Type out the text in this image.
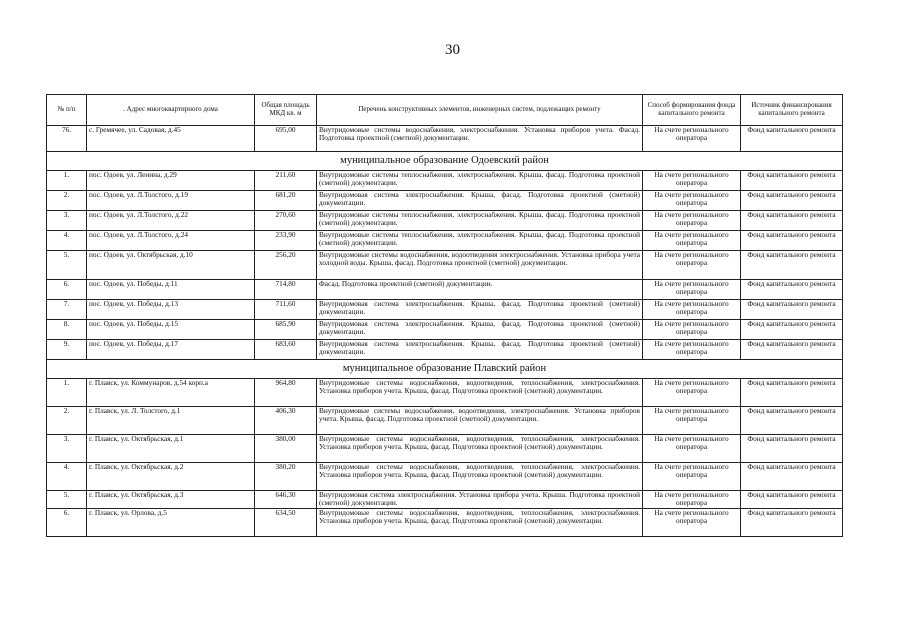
30
№ п/п	. Адрес многоквартирного дома	Общая площадь МКД кв. м	Перечень конструктивных элементов, инженерных систем, подлежащих ремонту	Способ формирования фонда капитального ремонта	Источник финансирования капитального ремонта
76.	с. Гремячее, ул. Садовая, д.45	695,00	Внутридомовые системы водоснабжения, электроснабжения. Установка приборов учета. Фасад. Подготовка проектной (сметной) документации.	На счете регионального оператора	Фонд капитального ремонта
муниципальное образование Одоевский район					
1.	пос. Одоев, ул. Ленина, д.29	211,60	Внутридомовые системы теплоснабжения, электроснабжения. Крыша, фасад. Подготовка проектной (сметной) документации.	На счете регионального оператора	Фонд капитального ремонта
2.	пос. Одоев, ул. Л.Толстого, д.19	681,20	Внутридомовая система электроснабжения. Крыша, фасад. Подготовка проектной (сметной) документации.	На счете регионального оператора	Фонд капитального ремонта
3.	пос. Одоев, ул. Л.Толстого, д.22	270,60	Внутридомовые системы теплоснабжения, электроснабжения. Крыша, фасад. Подготовка проектной (сметной) документации.	На счете регионального оператора	Фонд капитального ремонта
4.	пос. Одоев, ул. Л.Толстого, д.24	233,90	Внутридомовые системы теплоснабжения, электроснабжения. Крыша, фасад. Подготовка проектной (сметной) документации.	На счете регионального оператора	Фонд капитального ремонта
5.	пос. Одоев, ул. Октябрьская, д.10	256,20	Внутридомовые системы водоснабжения, водоотведения электроснабжения. Установка прибора учета холодной воды. Крыша, фасад. Подготовка проектной (сметной) документации.	На счете регионального оператора	Фонд капитального ремонта
6.	пос. Одоев, ул. Победы, д.11	714,80	Фасад. Подготовка проектной (сметной) документации.	На счете регионального оператора	Фонд капитального ремонта
7.	пос. Одоев, ул. Победы, д.13	711,60	Внутридомовая система электроснабжения. Крыша, фасад. Подготовка проектной (сметной) документации.	На счете регионального оператора	Фонд капитального ремонта
8.	пос. Одоев, ул. Победы, д.15	685,90	Внутридомовая система электроснабжения. Крыша, фасад. Подготовка проектной (сметной) документации.	На счете регионального оператора	Фонд капитального ремонта
9.	пос. Одоев, ул. Победы, д.17	683,60	Внутридомовая система электроснабжения. Крыша, фасад. Подготовка проектной (сметной) документации.	На счете регионального оператора	Фонд капитального ремонта
муниципальное образование Плавский район					
1.	г. Плавск, ул. Коммунаров, д.54 корп.а	964,80	Внутридомовые системы водоснабжения, водоотведения, теплоснабжения, электроснабжения. Установка приборов учета. Крыша, фасад. Подготовка проектной (сметной) документации.	На счете регионального оператора	Фонд капитального ремонта
2.	г. Плавск, ул. Л. Толстого, д.1	406,30	Внутридомовые системы водоснабжения, водоотведения, электроснабжения. Установка приборов учета. Крыша, фасад. Подготовка проектной (сметной) документации.	На счете регионального оператора	Фонд капитального ремонта
3.	г. Плавск, ул. Октябрьская, д.1	380,00	Внутридомовые системы водоснабжения, водоотведения, теплоснабжения, электроснабжения. Установка приборов учета. Крыша, фасад. Подготовка проектной (сметной) документации.	На счете регионального оператора	Фонд капитального ремонта
4.	г. Плавск, ул. Октябрьская, д.2	380,20	Внутридомовые системы водоснабжения, водоотведения, теплоснабжения, электроснабжения. Установка приборов учета. Крыша, фасад. Подготовка проектной (сметной) документации.	На счете регионального оператора	Фонд капитального ремонта
5.	г. Плавск, ул. Октябрьская, д.3	646,30	Внутридомовая система электроснабжения. Установка прибора учета. Крыша. Подготовка проектной (сметной) документации.	На счете регионального оператора	Фонд капитального ремонта
6.	г. Плавск, ул. Орлова, д.5	634,50	Внутридомовые системы водоснабжения, водоотведения, теплоснабжения, электроснабжения. Установка приборов учета. Крыша, фасад. Подготовка проектной (сметной) документации.	На счете регионального оператора	Фонд капитального ремонта
